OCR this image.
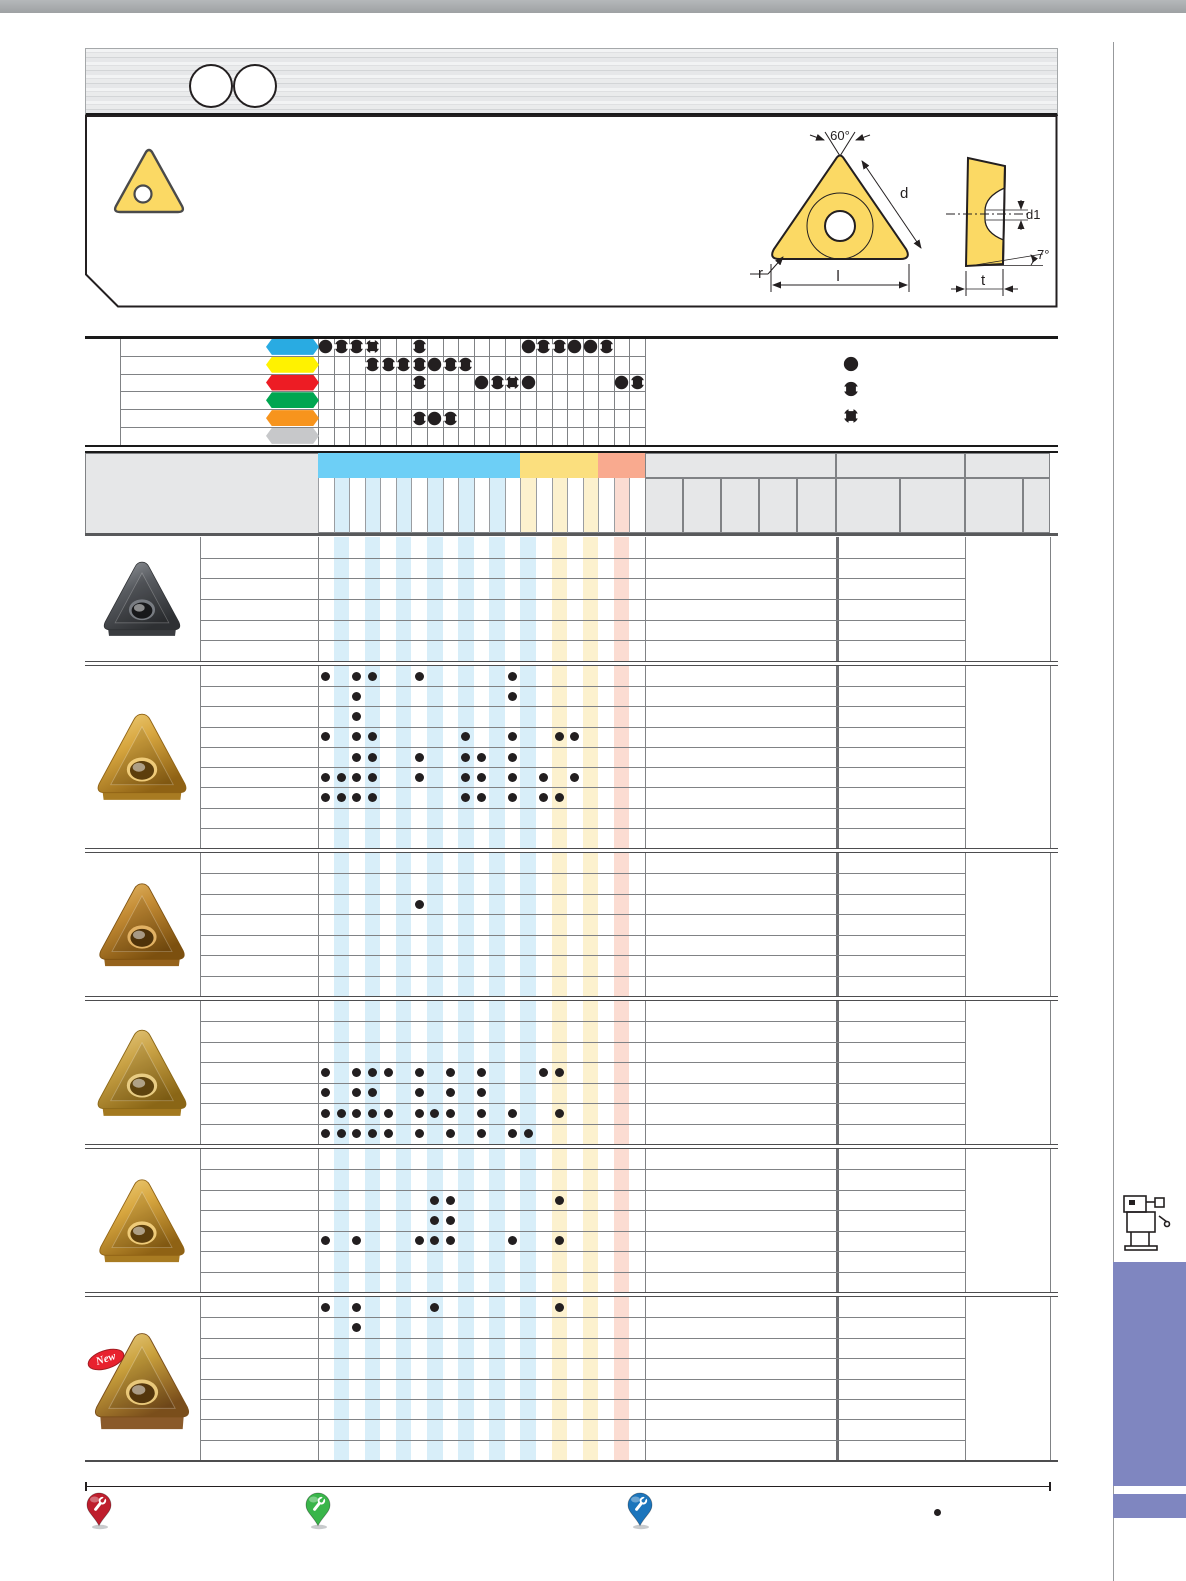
60°
d
r	l
d1
7°
t
New
